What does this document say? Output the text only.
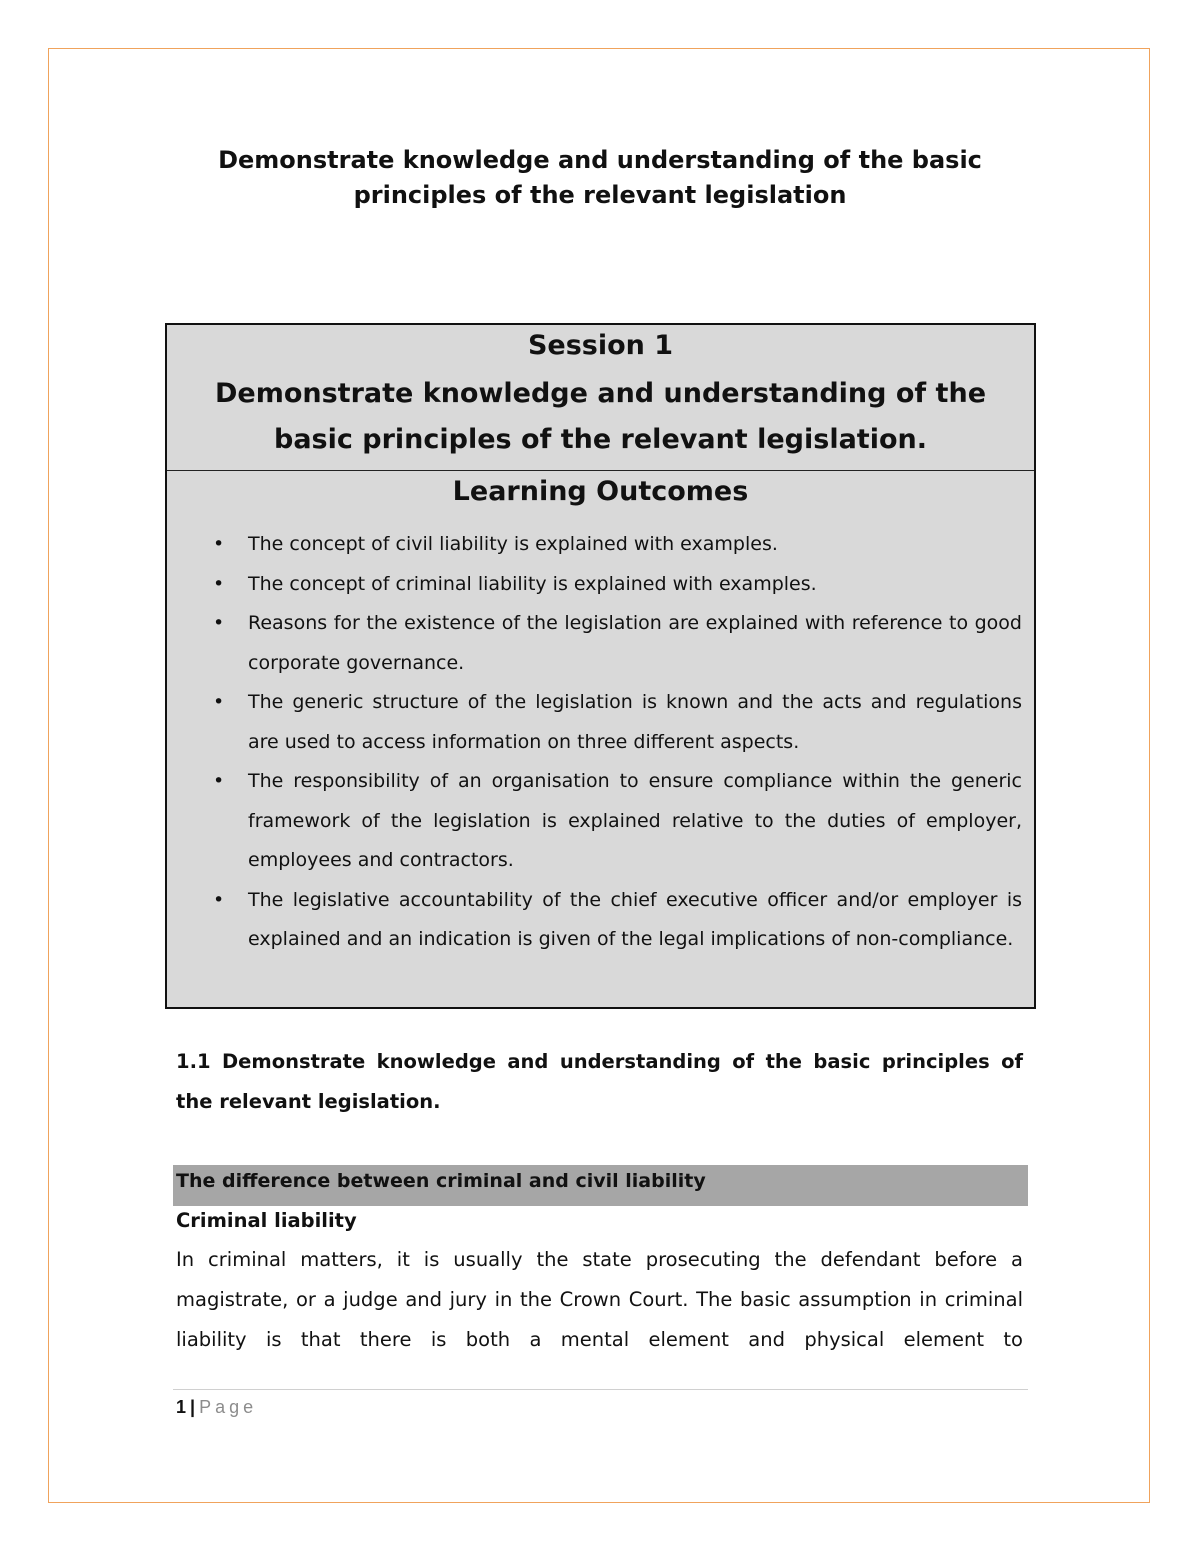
Demonstrate knowledge and understanding of the basic principles of the relevant legislation

Session 1

Demonstrate knowledge and understanding of the basic principles of the relevant legislation.

Learning Outcomes

• The concept of civil liability is explained with examples.
• The concept of criminal liability is explained with examples.
• Reasons for the existence of the legislation are explained with reference to good corporate governance.
• The generic structure of the legislation is known and the acts and regulations are used to access information on three different aspects.
• The responsibility of an organisation to ensure compliance within the generic framework of the legislation is explained relative to the duties of employer, employees and contractors.
• The legislative accountability of the chief executive officer and/or employer is explained and an indication is given of the legal implications of non-compliance.

1.1 Demonstrate knowledge and understanding of the basic principles of the relevant legislation.

The difference between criminal and civil liability

Criminal liability

In criminal matters, it is usually the state prosecuting the defendant before a magistrate, or a judge and jury in the Crown Court. The basic assumption in criminal liability is that there is both a mental element and physical element to

1 | Page
